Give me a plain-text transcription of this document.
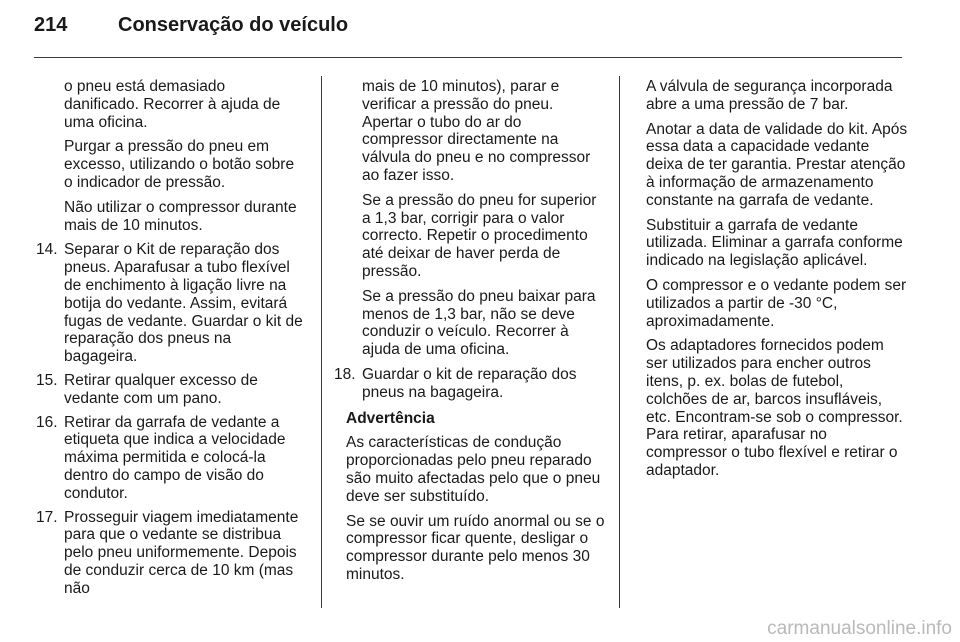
214	Conservação do veículo

o pneu está demasiado danificado. Recorrer à ajuda de uma oficina.

Purgar a pressão do pneu em excesso, utilizando o botão sobre o indicador de pressão.

Não utilizar o compressor durante mais de 10 minutos.

14. Separar o Kit de reparação dos pneus. Aparafusar a tubo flexível de enchimento à ligação livre na botija do vedante. Assim, evitará fugas de vedante. Guardar o kit de reparação dos pneus na bagageira.
15. Retirar qualquer excesso de vedante com um pano.
16. Retirar da garrafa de vedante a etiqueta que indica a velocidade máxima permitida e colocá-la dentro do campo de visão do condutor.
17. Prosseguir viagem imediatamente para que o vedante se distribua pelo pneu uniformemente. Depois de conduzir cerca de 10 km (mas não

mais de 10 minutos), parar e verificar a pressão do pneu. Apertar o tubo do ar do compressor directamente na válvula do pneu e no compressor ao fazer isso.

Se a pressão do pneu for superior a 1,3 bar, corrigir para o valor correcto. Repetir o procedimento até deixar de haver perda de pressão.

Se a pressão do pneu baixar para menos de 1,3 bar, não se deve conduzir o veículo. Recorrer à ajuda de uma oficina.

18. Guardar o kit de reparação dos pneus na bagageira.

Advertência

As características de condução proporcionadas pelo pneu reparado são muito afectadas pelo que o pneu deve ser substituído.

Se se ouvir um ruído anormal ou se o compressor ficar quente, desligar o compressor durante pelo menos 30 minutos.

A válvula de segurança incorporada abre a uma pressão de 7 bar.

Anotar a data de validade do kit. Após essa data a capacidade vedante deixa de ter garantia. Prestar atenção à informação de armazenamento constante na garrafa de vedante.

Substituir a garrafa de vedante utilizada. Eliminar a garrafa conforme indicado na legislação aplicável.

O compressor e o vedante podem ser utilizados a partir de -30 °C, aproximadamente.

Os adaptadores fornecidos podem ser utilizados para encher outros itens, p. ex. bolas de futebol, colchões de ar, barcos insufláveis, etc. Encontram-se sob o compressor. Para retirar, aparafusar no compressor o tubo flexível e retirar o adaptador.

carmanualsonline.info
